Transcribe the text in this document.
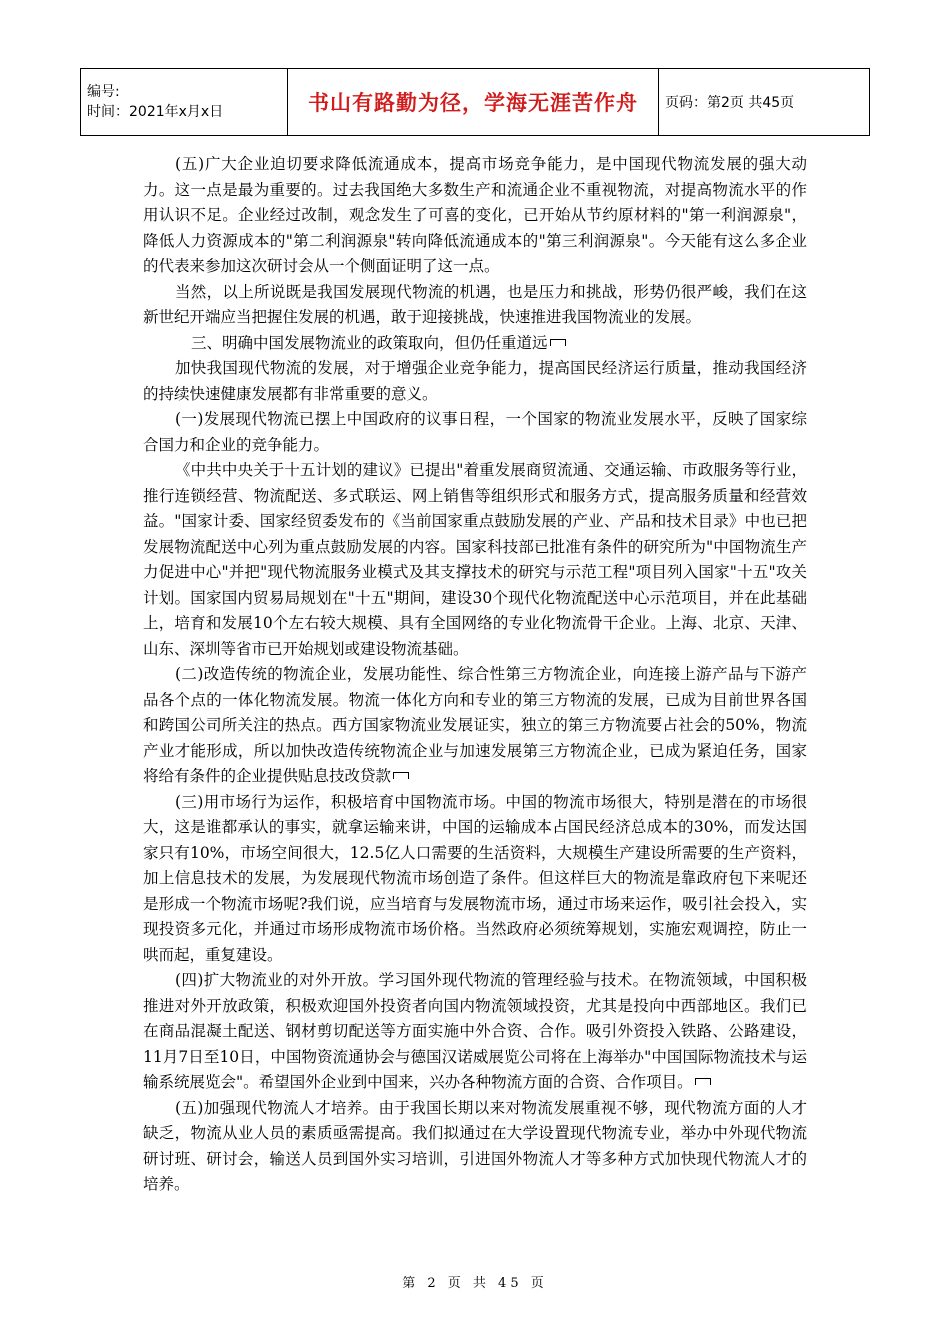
编号:
时间：2021年x月x日	书山有路勤为径，学海无涯苦作舟	页码：第2页 共45页

(五)广大企业迫切要求降低流通成本，提高市场竞争能力，是中国现代物流发展的强大动力。这一点是最为重要的。过去我国绝大多数生产和流通企业不重视物流，对提高物流水平的作用认识不足。企业经过改制，观念发生了可喜的变化，已开始从节约原材料的"第一利润源泉"，降低人力资源成本的"第二利润源泉"转向降低流通成本的"第三利润源泉"。今天能有这么多企业的代表来参加这次研讨会从一个侧面证明了这一点。

当然，以上所说既是我国发展现代物流的机遇，也是压力和挑战，形势仍很严峻，我们在这新世纪开端应当把握住发展的机遇，敢于迎接挑战，快速推进我国物流业的发展。

三、明确中国发展物流业的政策取向，但仍任重道远

加快我国现代物流的发展，对于增强企业竞争能力，提高国民经济运行质量，推动我国经济的持续快速健康发展都有非常重要的意义。

(一)发展现代物流已摆上中国政府的议事日程，一个国家的物流业发展水平，反映了国家综合国力和企业的竞争能力。

《中共中央关于十五计划的建议》已提出"着重发展商贸流通、交通运输、市政服务等行业，推行连锁经营、物流配送、多式联运、网上销售等组织形式和服务方式，提高服务质量和经营效益。"国家计委、国家经贸委发布的《当前国家重点鼓励发展的产业、产品和技术目录》中也已把发展物流配送中心列为重点鼓励发展的内容。国家科技部已批准有条件的研究所为"中国物流生产力促进中心"并把"现代物流服务业模式及其支撑技术的研究与示范工程"项目列入国家"十五"攻关计划。国家国内贸易局规划在"十五"期间，建设30个现代化物流配送中心示范项目，并在此基础上，培育和发展10个左右较大规模、具有全国网络的专业化物流骨干企业。上海、北京、天津、山东、深圳等省市已开始规划或建设物流基础。

(二)改造传统的物流企业，发展功能性、综合性第三方物流企业，向连接上游产品与下游产品各个点的一体化物流发展。物流一体化方向和专业的第三方物流的发展，已成为目前世界各国和跨国公司所关注的热点。西方国家物流业发展证实，独立的第三方物流要占社会的50%，物流产业才能形成，所以加快改造传统物流企业与加速发展第三方物流企业，已成为紧迫任务，国家将给有条件的企业提供贴息技改贷款

(三)用市场行为运作，积极培育中国物流市场。中国的物流市场很大，特别是潜在的市场很大，这是谁都承认的事实，就拿运输来讲，中国的运输成本占国民经济总成本的30%，而发达国家只有10%，市场空间很大，12.5亿人口需要的生活资料，大规模生产建设所需要的生产资料，加上信息技术的发展，为发展现代物流市场创造了条件。但这样巨大的物流是靠政府包下来呢还是形成一个物流市场呢?我们说，应当培育与发展物流市场，通过市场来运作，吸引社会投入，实现投资多元化，并通过市场形成物流市场价格。当然政府必须统筹规划，实施宏观调控，防止一哄而起，重复建设。

(四)扩大物流业的对外开放。学习国外现代物流的管理经验与技术。在物流领域，中国积极推进对外开放政策，积极欢迎国外投资者向国内物流领域投资，尤其是投向中西部地区。我们已在商品混凝土配送、钢材剪切配送等方面实施中外合资、合作。吸引外资投入铁路、公路建设，11月7日至10日，中国物资流通协会与德国汉诺威展览公司将在上海举办"中国国际物流技术与运输系统展览会"。希望国外企业到中国来，兴办各种物流方面的合资、合作项目。

(五)加强现代物流人才培养。由于我国长期以来对物流发展重视不够，现代物流方面的人才缺乏，物流从业人员的素质亟需提高。我们拟通过在大学设置现代物流专业，举办中外现代物流研讨班、研讨会，输送人员到国外实习培训，引进国外物流人才等多种方式加快现代物流人才的培养。

第 2 页 共 45 页
